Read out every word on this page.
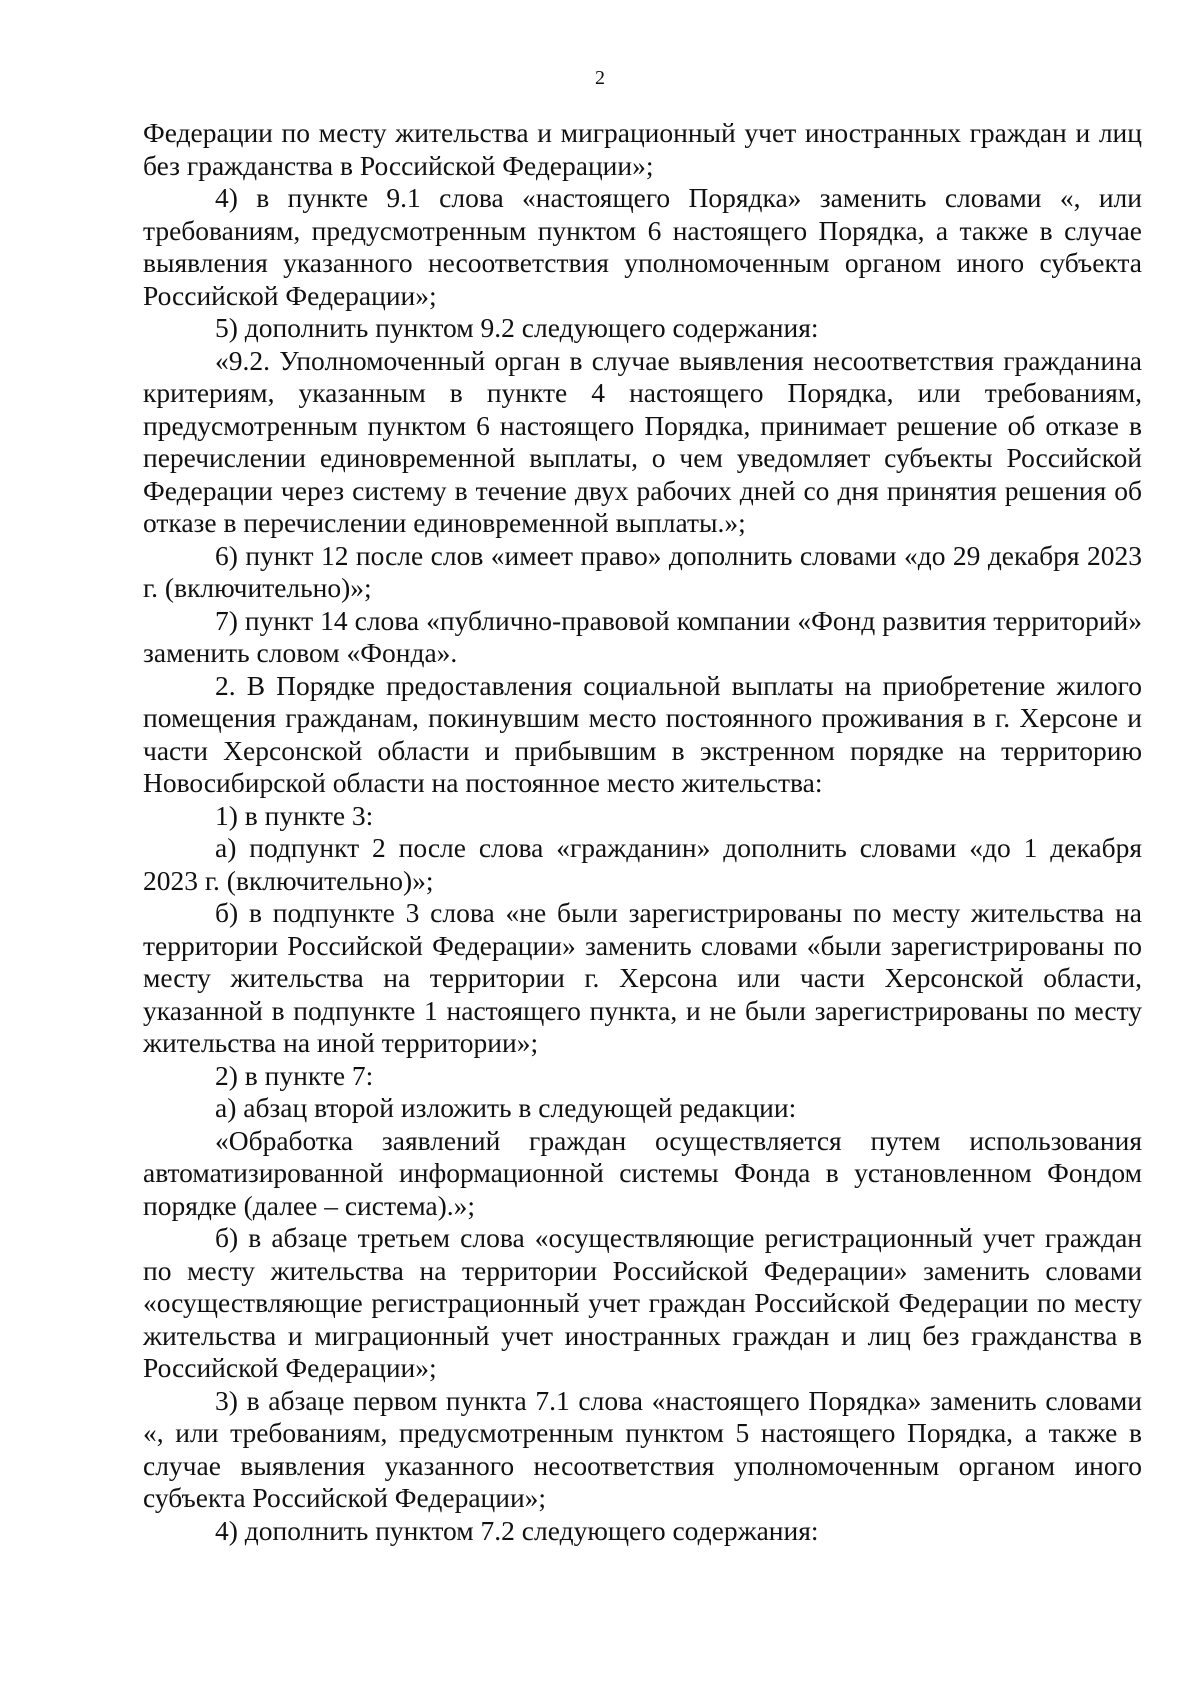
2

Федерации по месту жительства и миграционный учет иностранных граждан и лиц без гражданства в Российской Федерации»;

4) в пункте 9.1 слова «настоящего Порядка» заменить словами «, или требованиям, предусмотренным пунктом 6 настоящего Порядка, а также в случае выявления указанного несоответствия уполномоченным органом иного субъекта Российской Федерации»;

5) дополнить пунктом 9.2 следующего содержания:

«9.2. Уполномоченный орган в случае выявления несоответствия гражданина критериям, указанным в пункте 4 настоящего Порядка, или требованиям, предусмотренным пунктом 6 настоящего Порядка, принимает решение об отказе в перечислении единовременной выплаты, о чем уведомляет субъекты Российской Федерации через систему в течение двух рабочих дней со дня принятия решения об отказе в перечислении единовременной выплаты.»;

6) пункт 12 после слов «имеет право» дополнить словами «до 29 декабря 2023 г. (включительно)»;

7) пункт 14 слова «публично-правовой компании «Фонд развития территорий» заменить словом «Фонда».

2. В Порядке предоставления социальной выплаты на приобретение жилого помещения гражданам, покинувшим место постоянного проживания в г. Херсоне и части Херсонской области и прибывшим в экстренном порядке на территорию Новосибирской области на постоянное место жительства:

1) в пункте 3:

а) подпункт 2 после слова «гражданин» дополнить словами «до 1 декабря 2023 г. (включительно)»;

б) в подпункте 3 слова «не были зарегистрированы по месту жительства на территории Российской Федерации» заменить словами «были зарегистрированы по месту жительства на территории г. Херсона или части Херсонской области, указанной в подпункте 1 настоящего пункта, и не были зарегистрированы по месту жительства на иной территории»;

2) в пункте 7:

а) абзац второй изложить в следующей редакции:

«Обработка заявлений граждан осуществляется путем использования автоматизированной информационной системы Фонда в установленном Фондом порядке (далее – система).»;

б) в абзаце третьем слова «осуществляющие регистрационный учет граждан по месту жительства на территории Российской Федерации» заменить словами «осуществляющие регистрационный учет граждан Российской Федерации по месту жительства и миграционный учет иностранных граждан и лиц без гражданства в Российской Федерации»;

3) в абзаце первом пункта 7.1 слова «настоящего Порядка» заменить словами «, или требованиям, предусмотренным пунктом 5 настоящего Порядка, а также в случае выявления указанного несоответствия уполномоченным органом иного субъекта Российской Федерации»;

4) дополнить пунктом 7.2 следующего содержания:
